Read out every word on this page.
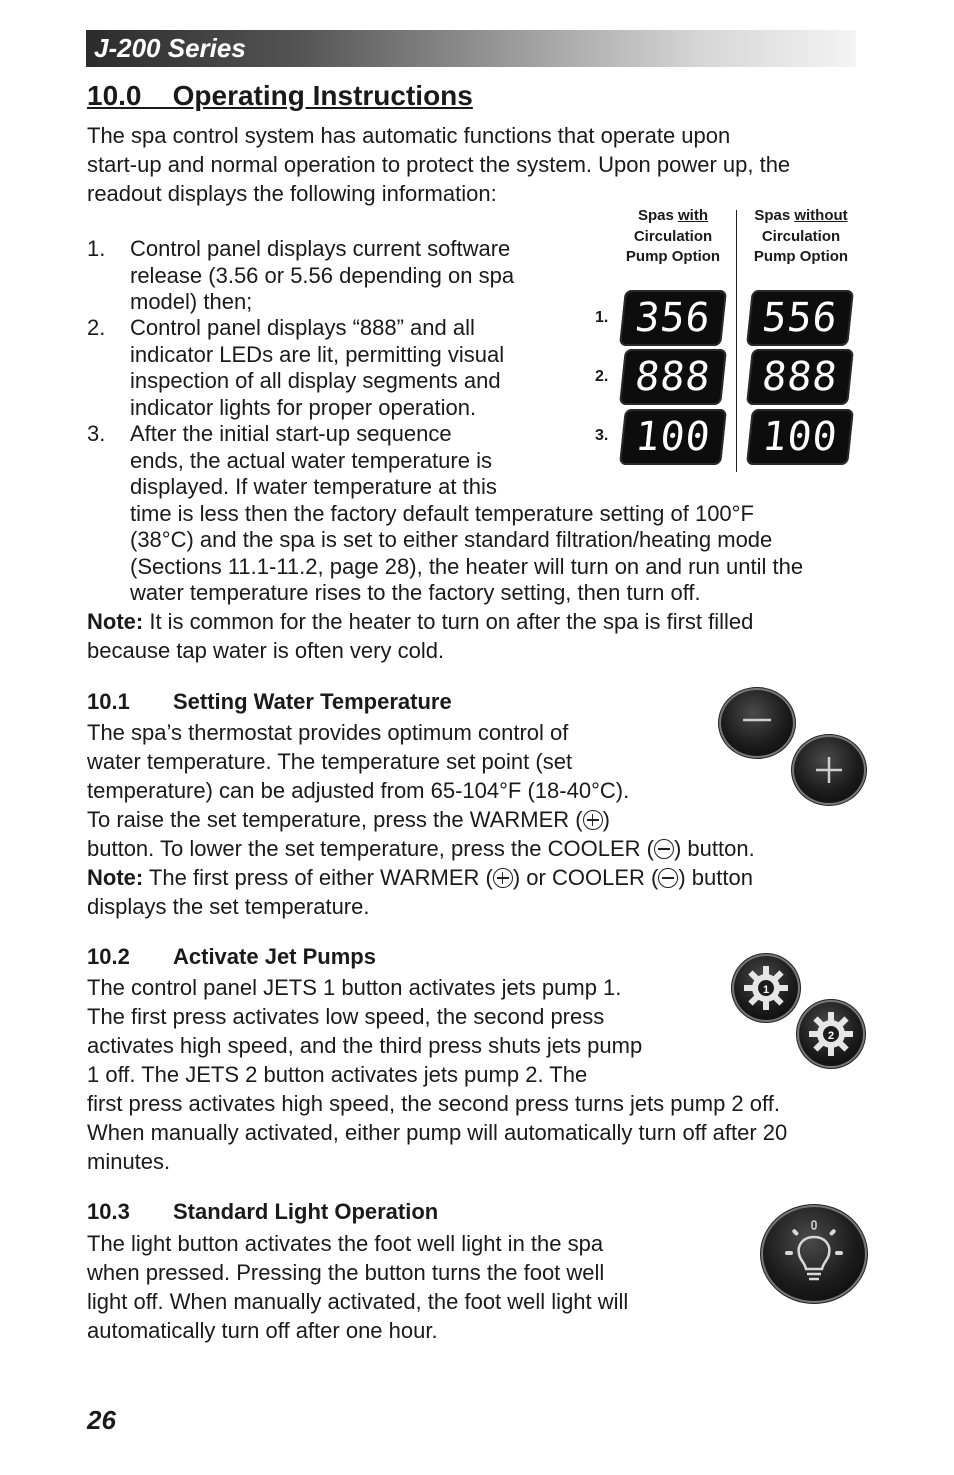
J-200 Series
10.0    Operating Instructions
The spa control system has automatic functions that operate upon
start-up and normal operation to protect the system. Upon power up, the
readout displays the following information:
1. Control panel displays current software
release (3.56 or 5.56 depending on spa
model) then;
2. Control panel displays “888” and all
indicator LEDs are lit, permitting visual
inspection of all display segments and
indicator lights for proper operation.
3. After the initial start-up sequence
ends, the actual water temperature is
displayed. If water temperature at this
time is less then the factory default temperature setting of 100°F
(38°C) and the spa is set to either standard filtration/heating mode
(Sections 11.1-11.2, page 28), the heater will turn on and run until the
water temperature rises to the factory setting, then turn off.
Spas with
Circulation
Pump Option
Spas without
Circulation
Pump Option
1. 356	556
2. 888	888
3. 100	100
Note: It is common for the heater to turn on after the spa is first filled
because tap water is often very cold.
10.1 Setting Water Temperature
The spa’s thermostat provides optimum control of
water temperature. The temperature set point (set
temperature) can be adjusted from 65-104°F (18-40°C).
To raise the set temperature, press the WARMER ( )
button. To lower the set temperature, press the COOLER ( ) button.
Note: The first press of either WARMER ( ) or COOLER ( ) button
displays the set temperature.
10.2 Activate Jet Pumps
The control panel JETS 1 button activates jets pump 1.
The first press activates low speed, the second press
activates high speed, and the third press shuts jets pump
1 off. The JETS 2 button activates jets pump 2. The
first press activates high speed, the second press turns jets pump 2 off.
When manually activated, either pump will automatically turn off after 20
minutes.
1
2
10.3 Standard Light Operation
The light button activates the foot well light in the spa
when pressed. Pressing the button turns the foot well
light off. When manually activated, the foot well light will
automatically turn off after one hour.
26
